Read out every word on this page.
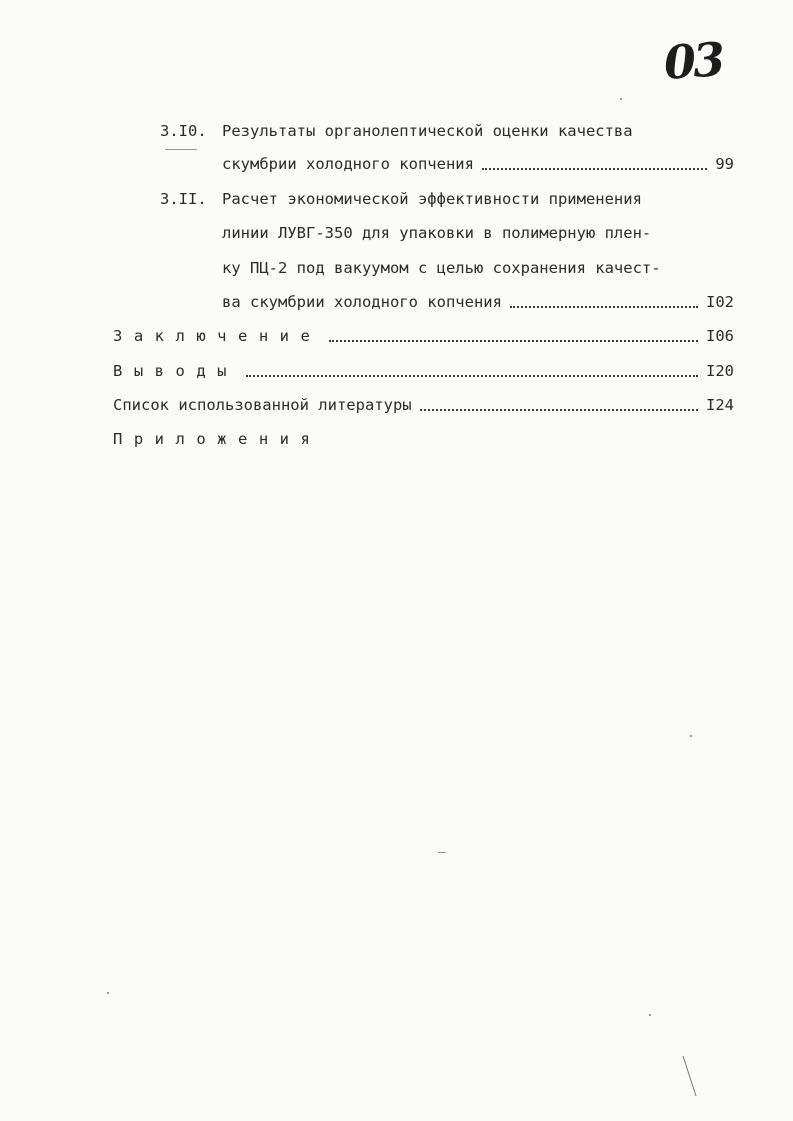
03
3.I0. Результаты органолептической оценки качества
скумбрии холодного копчения	99
3.II. Расчет экономической эффективности применения
линии ЛУВГ-350 для упаковки в полимерную плен-
ку ПЦ-2 под вакуумом с целью сохранения качест-
ва скумбрии холодного копчения	I02
Заключение	I06
Выводы	I20
Список использованной литературы	I24
Приложения
